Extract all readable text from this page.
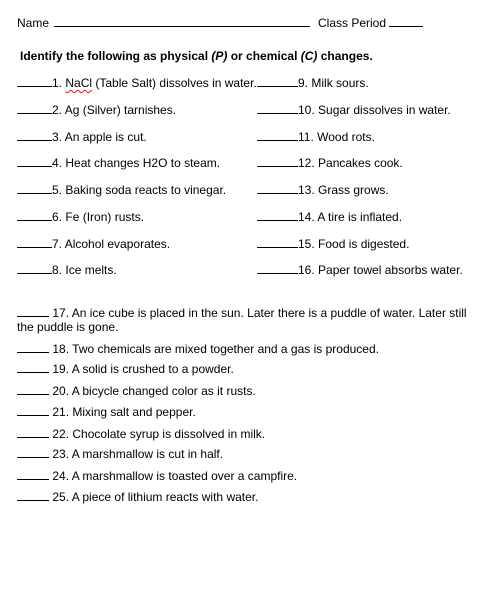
Name	Class Period
Identify the following as physical (P) or chemical (C) changes.
1. NaCl (Table Salt) dissolves in water.
2. Ag (Silver) tarnishes.
3. An apple is cut.
4. Heat changes H2O to steam.
5. Baking soda reacts to vinegar.
6. Fe (Iron) rusts.
7. Alcohol evaporates.
8. Ice melts.
9. Milk sours.
10. Sugar dissolves in water.
11. Wood rots.
12. Pancakes cook.
13. Grass grows.
14. A tire is inflated.
15. Food is digested.
16. Paper towel absorbs water.
17. An ice cube is placed in the sun. Later there is a puddle of water. Later still the puddle is gone.
18. Two chemicals are mixed together and a gas is produced.
19. A solid is crushed to a powder.
20. A bicycle changed color as it rusts.
21. Mixing salt and pepper.
22. Chocolate syrup is dissolved in milk.
23. A marshmallow is cut in half.
24. A marshmallow is toasted over a campfire.
25. A piece of lithium reacts with water.
